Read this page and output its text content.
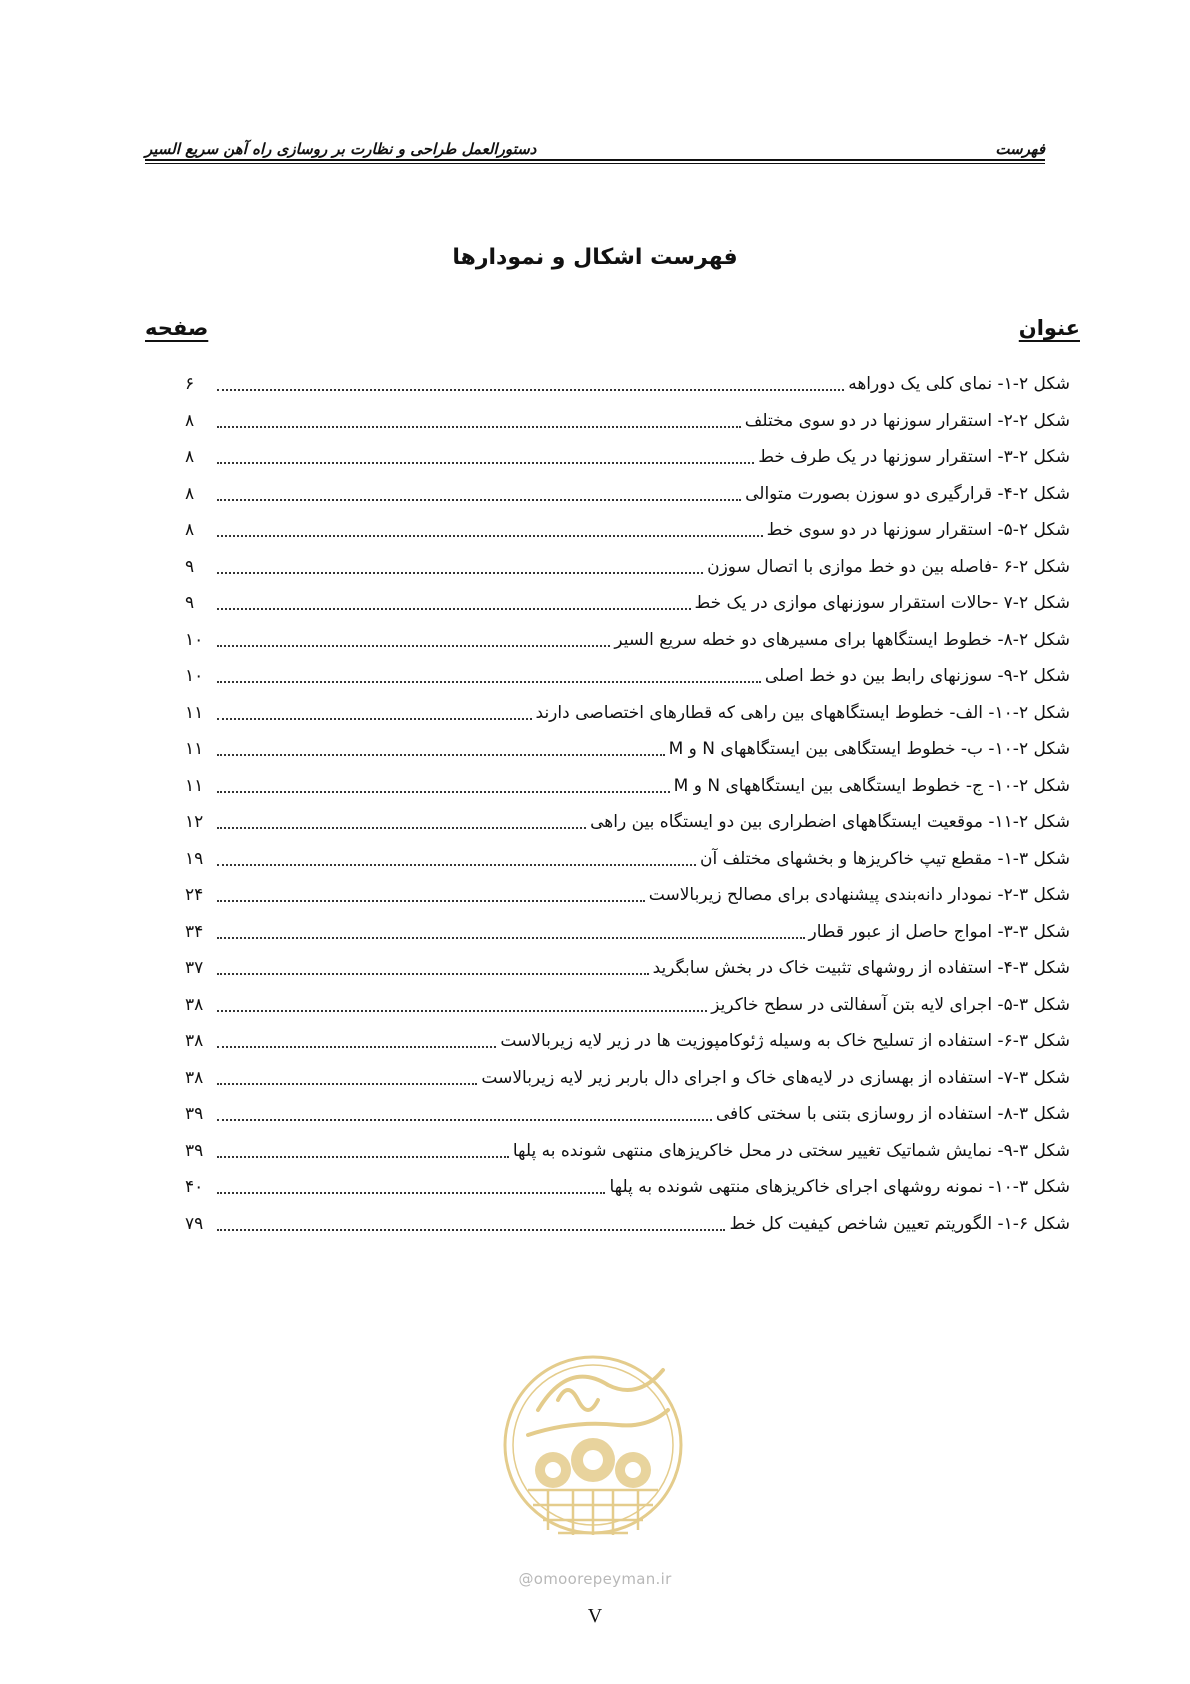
دستورالعمل طراحی و نظارت بر روسازی راه آهن سریع السیر	فهرست
فهرست اشکال و نمودارها
عنوان
صفحه
شکل ۲-۱- نمای کلی یک دوراهه
۶
شکل ۲-۲- استقرار سوزنها در دو سوی مختلف
۸
شکل ۲-۳- استقرار سوزنها در یک طرف خط
۸
شکل ۲-۴- قرارگیری دو سوزن بصورت متوالی
۸
شکل ۲-۵- استقرار سوزنها در دو سوی خط
۸
شکل ۲-۶ -فاصله بین دو خط موازی با اتصال سوزن
۹
شکل ۲-۷ -حالات استقرار سوزنهای موازی در یک خط
۹
شکل ۲-۸- خطوط ایستگاهها برای مسیرهای دو خطه سریع السیر
۱۰
شکل ۲-۹- سوزنهای رابط بین دو خط اصلی
۱۰
شکل ۲-۱۰- الف- خطوط ایستگاههای بین راهی که قطارهای اختصاصی دارند
۱۱
شکل ۲-۱۰- ب- خطوط ایستگاهی بین ایستگاههای N و M
۱۱
شکل ۲-۱۰- ج- خطوط ایستگاهی بین ایستگاههای N و M
۱۱
شکل ۲-۱۱- موقعیت ایستگاههای اضطراری بین دو ایستگاه بین راهی
۱۲
شکل ۳-۱- مقطع تیپ خاکریزها و بخشهای مختلف آن
۱۹
شکل ۳-۲- نمودار دانه‌بندی پیشنهادی برای مصالح زیربالاست
۲۴
شکل ۳-۳- امواج حاصل از عبور قطار
۳۴
شکل ۳-۴- استفاده از روشهای تثبیت خاک در بخش سابگرید
۳۷
شکل ۳-۵- اجرای لایه بتن آسفالتی در سطح خاکریز
۳۸
شکل ۳-۶- استفاده از تسلیح خاک به وسیله ژئوکامپوزیت ها در زیر لایه زیربالاست
۳۸
شکل ۳-۷- استفاده از بهسازی در لایه‌های خاک و اجرای دال باربر زیر لایه زیربالاست
۳۸
شکل ۳-۸- استفاده از روسازی بتنی با سختی کافی
۳۹
شکل ۳-۹- نمایش شماتیک تغییر سختی در محل خاکریزهای منتهی شونده به پلها
۳۹
شکل ۳-۱۰- نمونه روشهای اجرای خاکریزهای منتهی شونده به پلها
۴۰
شکل ۶-۱- الگوریتم تعیین شاخص کیفیت کل خط
۷۹
@omoorepeyman.ir
V
